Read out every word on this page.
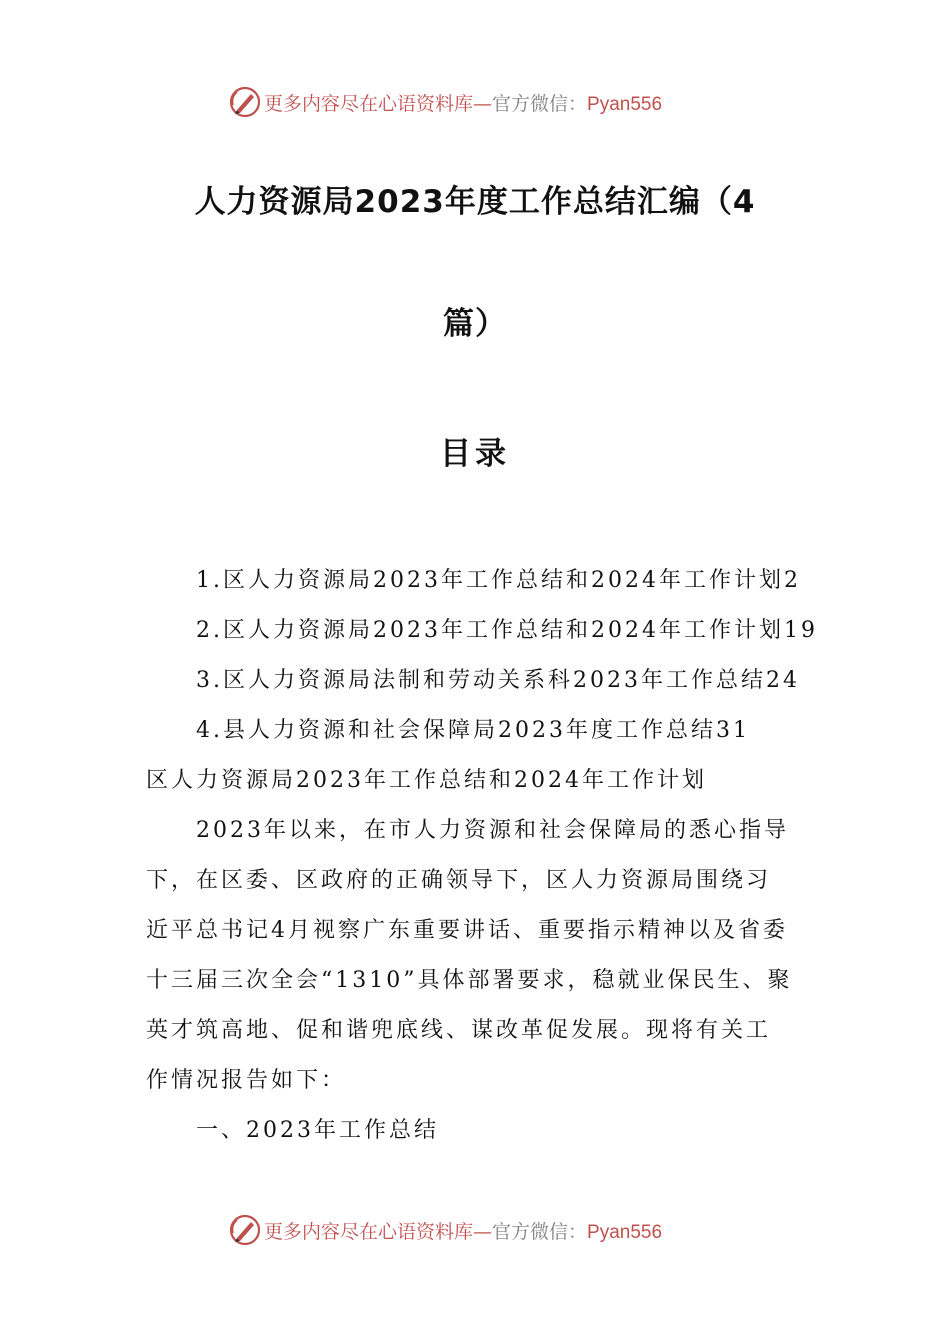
更多内容尽在心语资料库—官方微信：Pyan556
人力资源局2023年度工作总结汇编（4
篇）
目录
1.区人力资源局2023年工作总结和2024年工作计划2
2.区人力资源局2023年工作总结和2024年工作计划19
3.区人力资源局法制和劳动关系科2023年工作总结24
4.县人力资源和社会保障局2023年度工作总结31
区人力资源局2023年工作总结和2024年工作计划
2023年以来，在市人力资源和社会保障局的悉心指导
下，在区委、区政府的正确领导下，区人力资源局围绕习
近平总书记4月视察广东重要讲话、重要指示精神以及省委
十三届三次全会“1310”具体部署要求，稳就业保民生、聚
英才筑高地、促和谐兜底线、谋改革促发展。现将有关工
作情况报告如下：
一、2023年工作总结
更多内容尽在心语资料库—官方微信：Pyan556
